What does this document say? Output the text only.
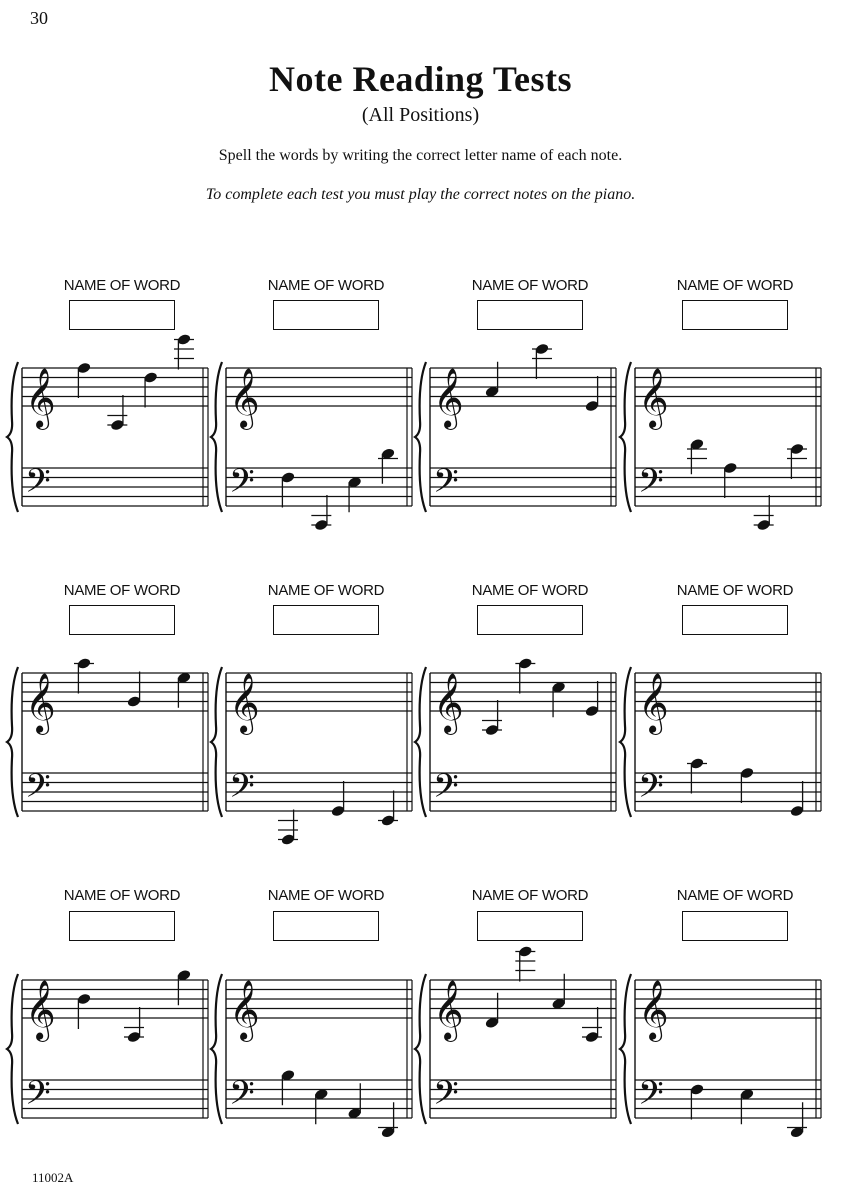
30
Note Reading Tests
(All Positions)
Spell the words by writing the correct letter name of each note.
To complete each test you must play the correct notes on the piano.
NAME OF WORD	NAME OF WORD	NAME OF WORD	NAME OF WORD
NAME OF WORD	NAME OF WORD	NAME OF WORD	NAME OF WORD
NAME OF WORD	NAME OF WORD	NAME OF WORD	NAME OF WORD
𝄞
𝄢
𝄞
𝄢
𝄞
𝄢
𝄞
𝄢
𝄞
𝄢
𝄞
𝄢
𝄞
𝄢
𝄞
𝄢
𝄞
𝄢
𝄞
𝄢
𝄞
𝄢
𝄞
𝄢
11002A
